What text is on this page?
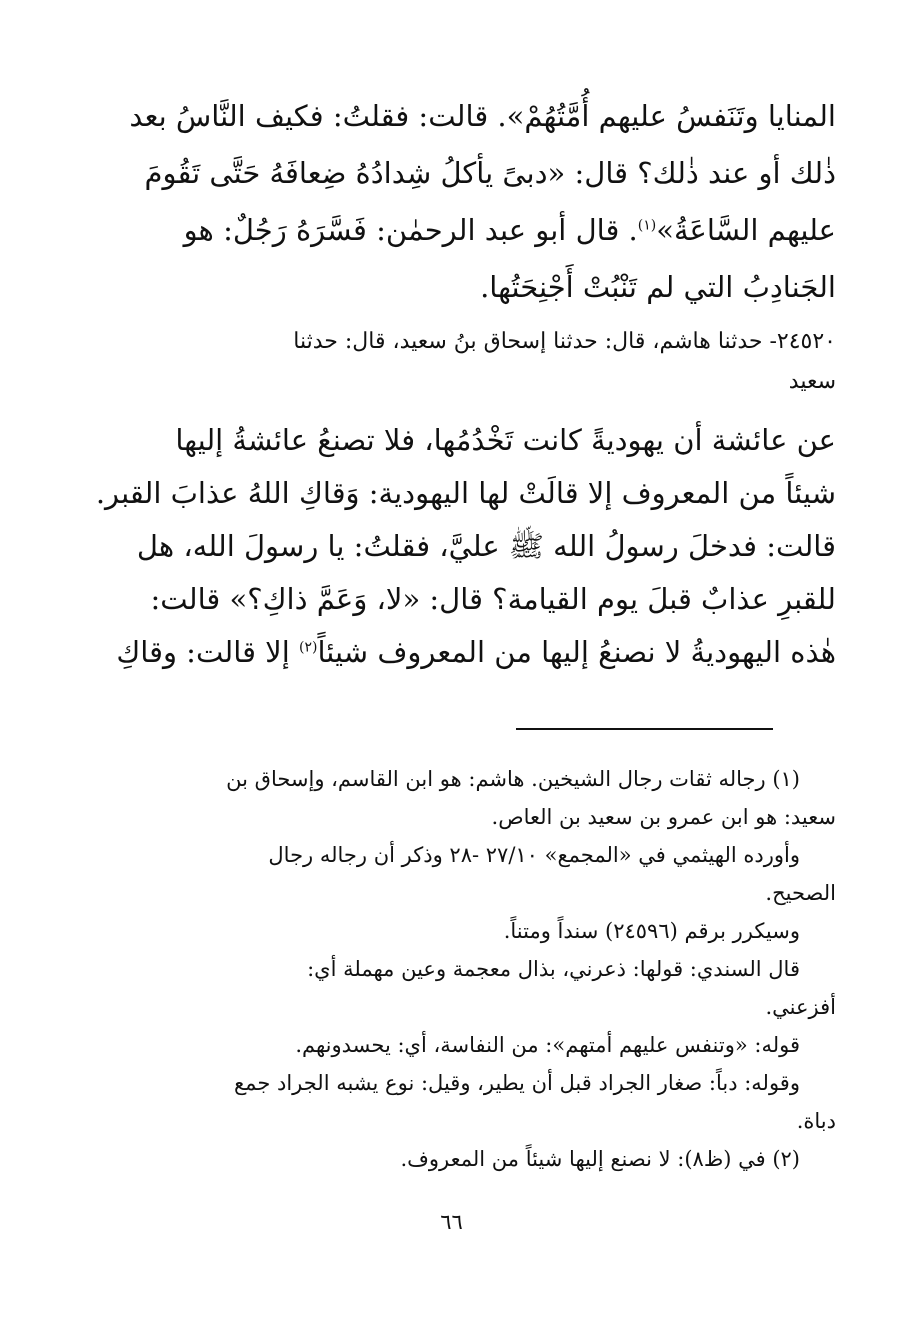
المنايا وتَنَفسُ عليهم أُمَّتُهُمْ». قالت: فقلتُ: فكيف النَّاسُ بعد
ذٰلك أو عند ذٰلك؟ قال: «دبىً يأكلُ شِدادُهُ ضِعافَهُ حَتَّى تَقُومَ
عليهم السَّاعَةُ»$^{(١)}$. قال أبو عبد الرحمٰن: فَسَّرَهُ رَجُلٌ: هو
الجَنادِبُ التي لم تَنْبُتْ أَجْنِحَتُها.
٢٤٥٢٠- حدثنا هاشم، قال: حدثنا إسحاق بنُ سعيد، قال: حدثنا
سعيد
عن عائشة أن يهوديةً كانت تَخْدُمُها، فلا تصنعُ عائشةُ إليها
شيئاً من المعروف إلا قالَتْ لها اليهودية: وَقاكِ اللهُ عذابَ القبر.
قالت: فدخلَ رسولُ الله ﷺ عليَّ، فقلتُ: يا رسولَ الله، هل
للقبرِ عذابٌ قبلَ يوم القيامة؟ قال: «لا، وَعَمَّ ذاكِ؟» قالت:
هٰذه اليهوديةُ لا نصنعُ إليها من المعروف شيئاً$^{(٢)}$ إلا قالت: وقاكِ
(١) رجاله ثقات رجال الشيخين. هاشم: هو ابن القاسم، وإسحاق بن
سعيد: هو ابن عمرو بن سعيد بن العاص.
وأورده الهيثمي في «المجمع» ٢٧/١٠ -٢٨ وذكر أن رجاله رجال
الصحيح.
وسيكرر برقم (٢٤٥٩٦) سنداً ومتناً.
قال السندي: قولها: ذعرني، بذال معجمة وعين مهملة أي:
أفزعني.
قوله: «وتنفس عليهم أمتهم»: من النفاسة، أي: يحسدونهم.
وقوله: دباً: صغار الجراد قبل أن يطير، وقيل: نوع يشبه الجراد جمع
دباة.
(٢) في (ظ٨): لا نصنع إليها شيئاً من المعروف.
٦٦
